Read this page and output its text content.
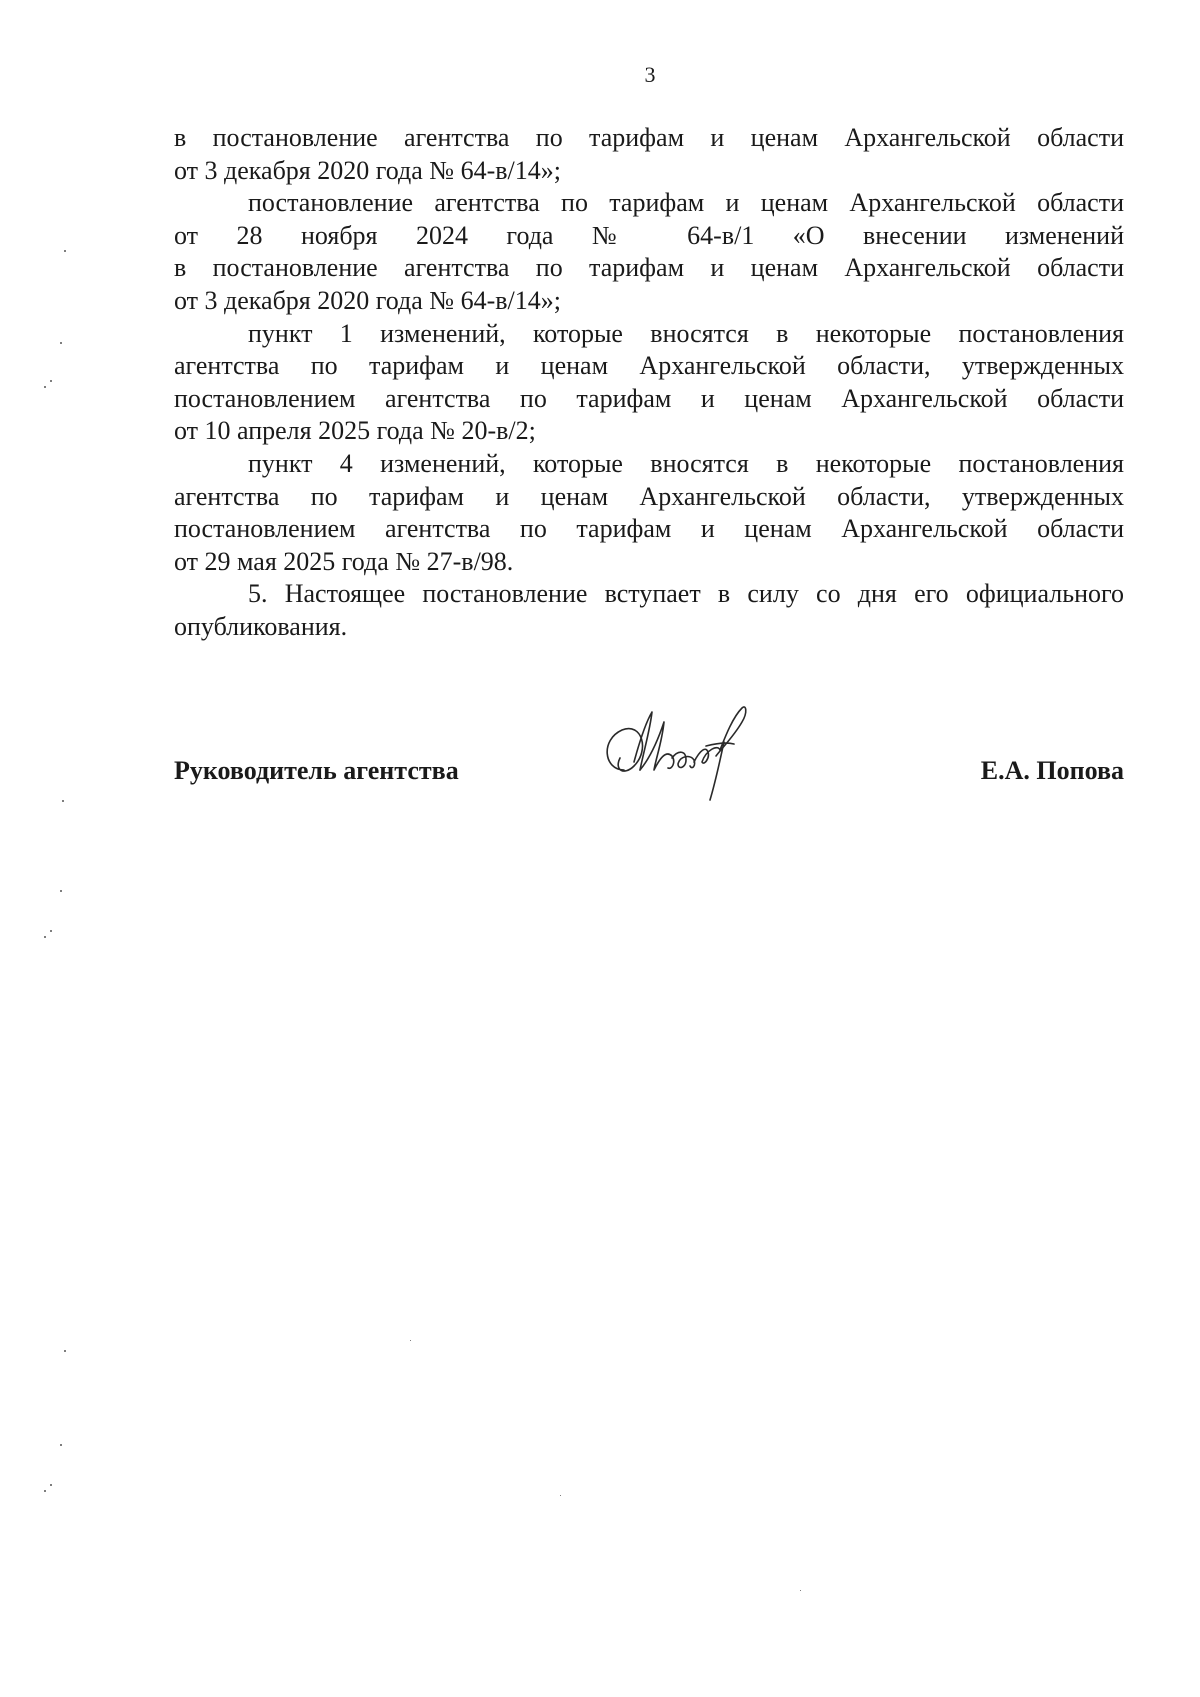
3

в постановление агентства по тарифам и ценам Архангельской области
от 3 декабря 2020 года № 64-в/14»;

постановление агентства по тарифам и ценам Архангельской области
от 28 ноября 2024 года № 64-в/1 «О внесении изменений
в постановление агентства по тарифам и ценам Архангельской области
от 3 декабря 2020 года № 64-в/14»;

пункт 1 изменений, которые вносятся в некоторые постановления
агентства по тарифам и ценам Архангельской области, утвержденных
постановлением агентства по тарифам и ценам Архангельской области
от 10 апреля 2025 года № 20-в/2;

пункт 4 изменений, которые вносятся в некоторые постановления
агентства по тарифам и ценам Архангельской области, утвержденных
постановлением агентства по тарифам и ценам Архангельской области
от 29 мая 2025 года № 27-в/98.

5. Настоящее постановление вступает в силу со дня его официального
опубликования.

Руководитель агентства	Е.А. Попова
